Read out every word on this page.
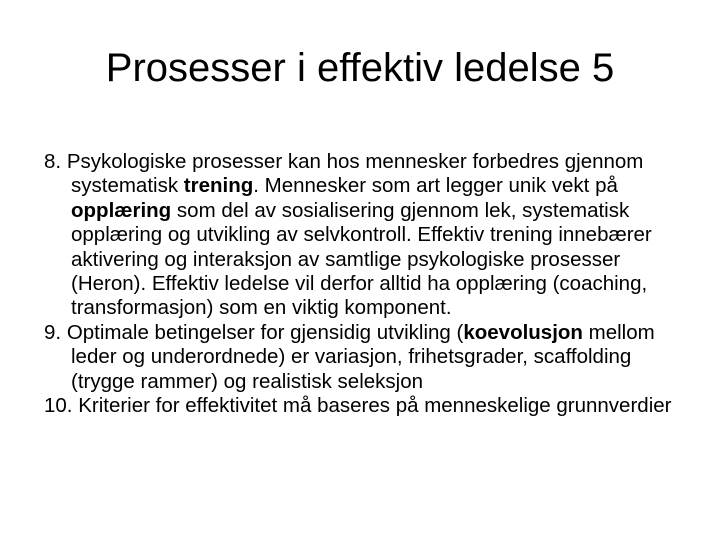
Prosesser i effektiv ledelse 5

8. Psykologiske prosesser kan hos mennesker forbedres gjennom systematisk trening. Mennesker som art legger unik vekt på opplæring som del av sosialisering gjennom lek, systematisk opplæring og utvikling av selvkontroll. Effektiv trening innebærer aktivering og interaksjon av samtlige psykologiske prosesser (Heron). Effektiv ledelse vil derfor alltid ha opplæring (coaching, transformasjon) som en viktig komponent.

9. Optimale betingelser for gjensidig utvikling (koevolusjon mellom leder og underordnede) er variasjon, frihetsgrader, scaffolding (trygge rammer) og realistisk seleksjon

10. Kriterier for effektivitet må baseres på menneskelige grunnverdier
